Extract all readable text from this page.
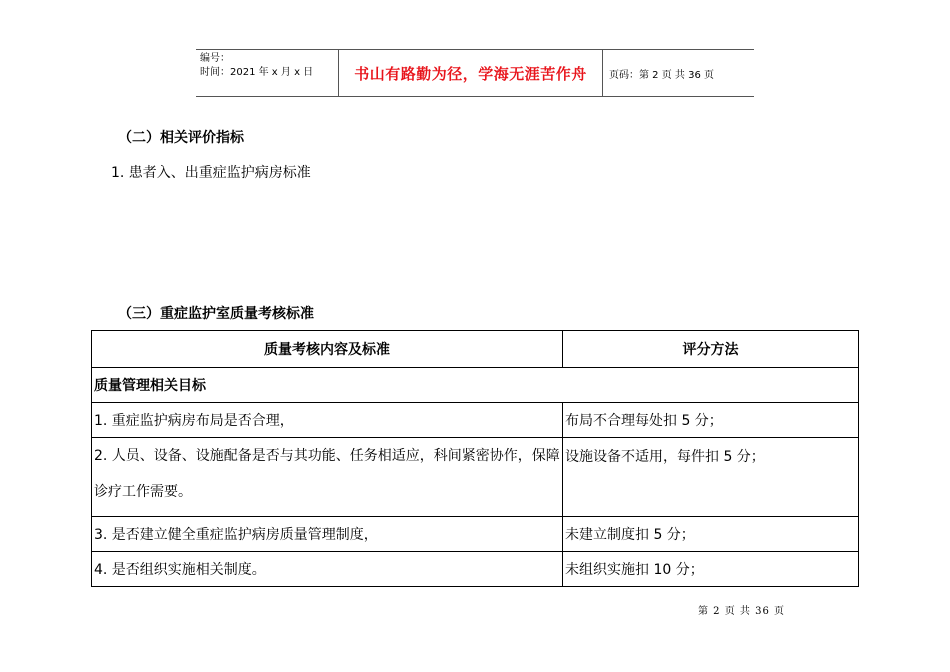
编号：
时间：2021 年 x 月 x 日	书山有路勤为径，学海无涯苦作舟	页码：第 2 页 共 36 页
（二）相关评价指标
1. 患者入、出重症监护病房标准
（三）重症监护室质量考核标准
质量考核内容及标准	评分方法
质量管理相关目标	
1. 重症监护病房布局是否合理，	布局不合理每处扣 5 分；
2. 人员、设备、设施配备是否与其功能、任务相适应，科间紧密协作，保障诊疗工作需要。	设施设备不适用，每件扣 5 分；
3. 是否建立健全重症监护病房质量管理制度，	未建立制度扣 5 分；
4. 是否组织实施相关制度。	未组织实施扣 10 分；
第 2 页 共 36 页
